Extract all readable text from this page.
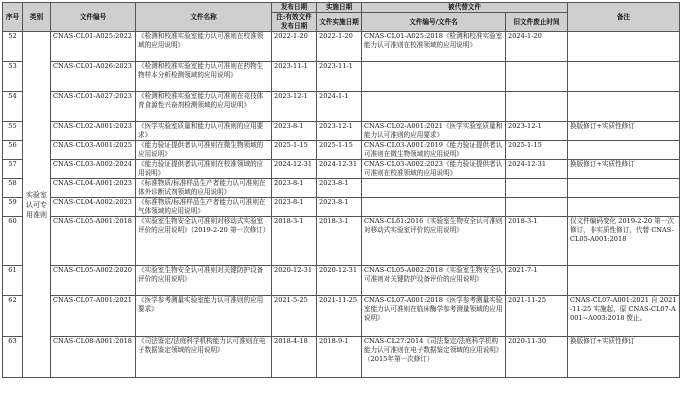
序号	类别	文件编号	文件名称	发布日期	实施日期	被代替文件		备注
				注:有效文件发布日期	文件实施日期	文件编号/文件名	旧文件废止时间	
52	实验室认可专用准则	CNAS-CL01-A025:2022	《检测和校准实验室能力认可准则在校准领域的应用说明》	2022-1-20	2022-1-20	CNAS-CL01-A025:2018《检测和校准实验室能力认可准则在校准领域的应用说明》	2024-1-20	
53		CNAS-CL01-A026:2023	《检测和校准实验室能力认可准则在药物生物样本分析检测领域的应用说明》	2023-11-1	2023-11-1			
54		CNAS-CL01-A027:2023	《检测和校准实验室能力认可准则在竞技体育食源性兴奋剂检测领域的应用说明》	2023-12-1	2024-1-1			
55		CNAS-CL02-A001:2023	《医学实验室质量和能力认可准则的应用要求》	2023-8-1	2023-12-1	CNAS-CL02-A001:2021《医学实验室质量和能力认可准则的应用要求》	2023-12-1	换版修订+实质性修订
56		CNAS-CL03-A001:2025	《能力验证提供者认可准则在微生物领域的应用说明》	2025-1-15	2025-1-15	CNAS-CL03-A001:2019《能力验证提供者认可准则在微生物领域的应用说明》	2025-1-15	
57		CNAS-CL03-A002:2024	《能力验证提供者认可准则在校准领域的应用说明》	2024-12-31	2024-12-31	CNAS-CL03-A002:2023《能力验证提供者认可准则在校准领域的应用说明》	2024-12-31	换版修订+实质性修订
58		CNAS-CL04-A001:2023	《标准物质/标准样品生产者能力认可准则在体外诊断试剂领域的应用说明》	2023-8-1	2023-8-1			
59		CNAS-CL04-A002:2023	《标准物质/标准样品生产者能力认可准则在气体领域的应用说明》	2023-8-1	2023-8-1			
60		CNAS-CL05-A001:2018	《实验室生物安全认可准则对移动式实验室评价的应用说明》（2019-2-20 第一次修订）	2018-3-1	2018-3-1	CNAS-CL61:2016《实验室生物安全认可准则对移动式实验室评价的应用说明》	2018-3-1	仅文件编码变化 2019-2-20 第一次修订，非实质性修订，代替 CNAS-CL05-A001:2018
61		CNAS-CL05-A002:2020	《实验室生物安全认可准则对关键防护设备评价的应用说明》	2020-12-31	2020-12-31	CNAS-CL05-A002:2018《实验室生物安全认可准则对关键防护设备评价的应用说明》	2021-7-1	
62		CNAS-CL07-A001:2021	《医学参考测量实验室能力认可准则的应用要求》	2021-5-25	2021-11-25	CNAS-CL07-A001:2018《医学参考测量实验室能力认可准则在临床酶学参考测量领域的应用说明》	2021-11-25	CNAS-CL07-A001:2021 自 2021-11-25 实施起，原 CNAS-CL07-A001~A003:2018 废止。
63		CNAS-CL08-A001:2018	《司法鉴定/法庭科学机构能力认可准则在电子数据鉴定领域的应用说明》	2018-4-18	2018-9-1	CNAS-CL27:2014《司法鉴定/法庭科学机构能力认可准则在电子数据鉴定领域的应用说明》（2015年第一次修订）	2020-11-30	换版修订+实质性修订
